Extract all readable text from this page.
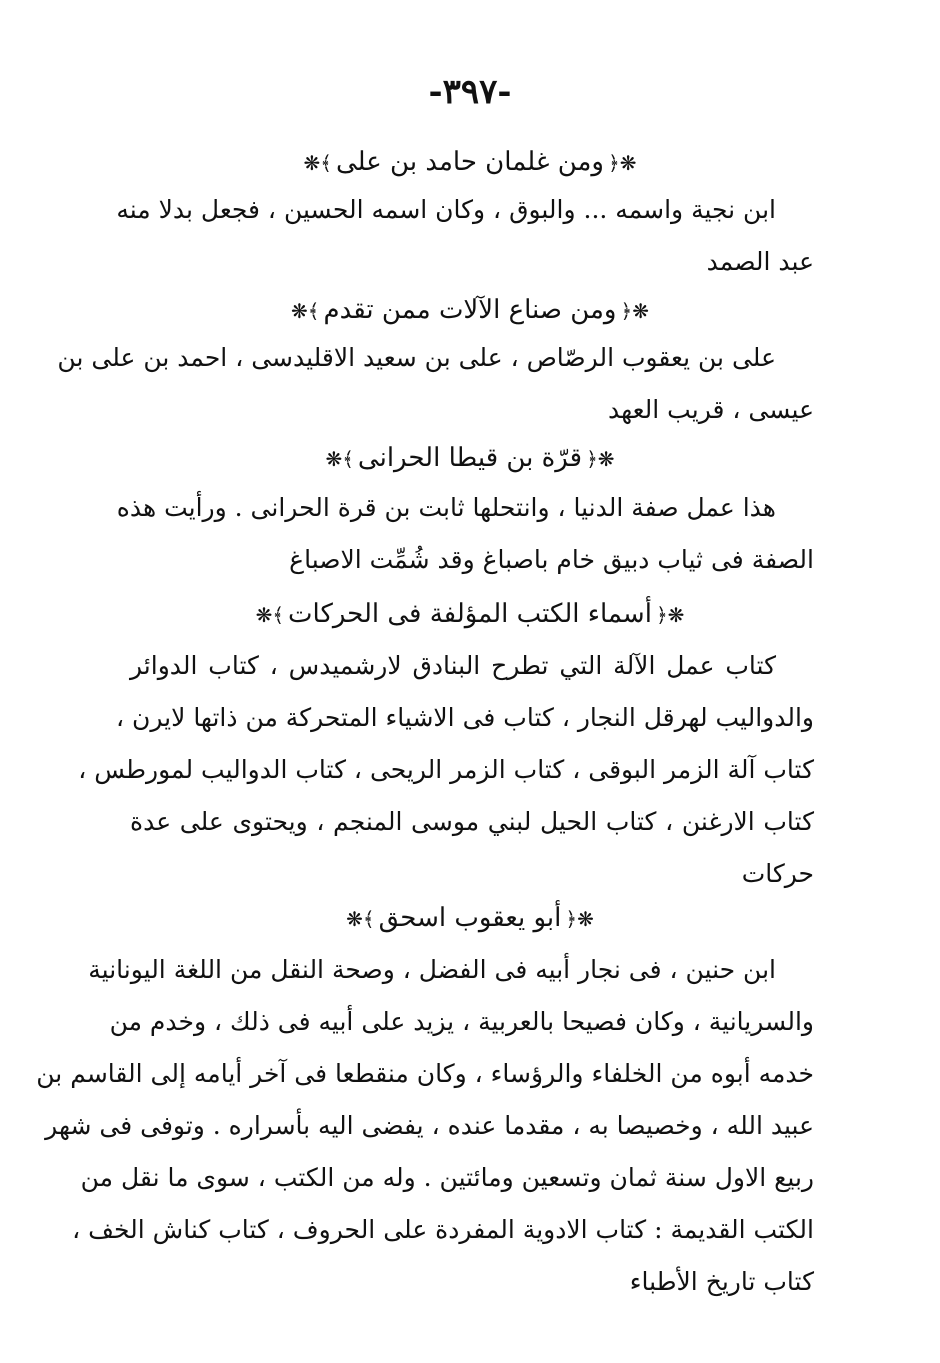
-٣٩٧-
❋﴿ومن غلمان حامد بن على﴾❋
ابن نجية واسمه ... والبوق ، وكان اسمه الحسين ، فجعل بدلا منه
عبد الصمد
❋﴿ومن صناع الآلات ممن تقدم﴾❋
على بن يعقوب الرصّاص ، على بن سعيد الاقليدسى ، احمد بن على بن
عيسى ، قريب العهد
❋﴿قرّة بن قيطا الحرانى﴾❋
هذا عمل صفة الدنيا ، وانتحلها ثابت بن قرة الحرانى . ورأيت هذه
الصفة فى ثياب دبيق خام باصباغ وقد شُمِّت الاصباغ
❋﴿أسماء الكتب المؤلفة فى الحركات﴾❋
كتاب عمل الآلة التي تطرح البنادق لارشميدس ، كتاب الدوائر
والدواليب لهرقل النجار ، كتاب فى الاشياء المتحركة من ذاتها لايرن ،
كتاب آلة الزمر البوقى ، كتاب الزمر الريحى ، كتاب الدواليب لمورطس ،
كتاب الارغنن ، كتاب الحيل لبني موسى المنجم ، ويحتوى على عدة
حركات
❋﴿أبو يعقوب اسحق﴾❋
ابن حنين ، فى نجار أبيه فى الفضل ، وصحة النقل من اللغة اليونانية
والسريانية ، وكان فصيحا بالعربية ، يزيد على أبيه فى ذلك ، وخدم من
خدمه أبوه من الخلفاء والرؤساء ، وكان منقطعا فى آخر أيامه إلى القاسم بن
عبيد الله ، وخصيصا به ، مقدما عنده ، يفضى اليه بأسراره . وتوفى فى شهر
ربيع الاول سنة ثمان وتسعين ومائتين . وله من الكتب ، سوى ما نقل من
الكتب القديمة : كتاب الادوية المفردة على الحروف ، كتاب كناش الخف ،
كتاب تاريخ الأطباء
